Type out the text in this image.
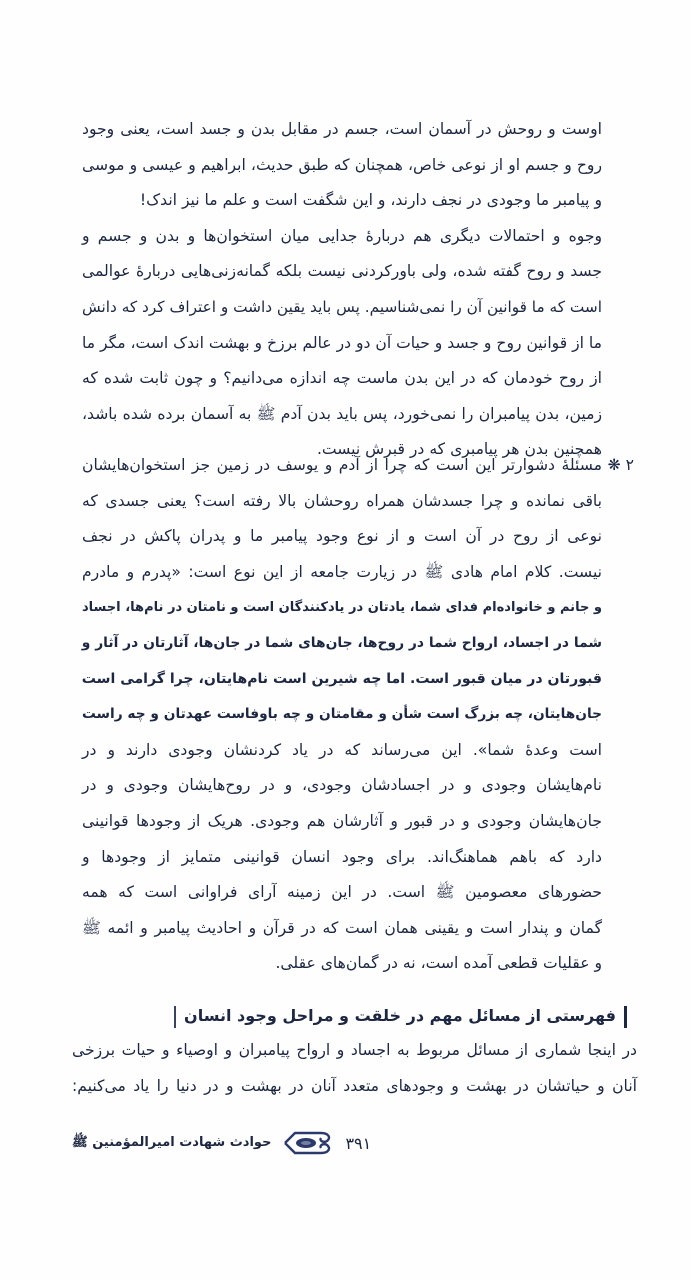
اوست و روحش در آسمان است، جسم در مقابل بدن و جسد است، یعنی وجود
روح و جسم او از نوعی خاص، همچنان که طبق حدیث، ابراهیم و عیسی و موسی
و پیامبر ما وجودی در نجف دارند، و این شگفت است و علم ما نیز اندک!
وجوه و احتمالات دیگری هم دربارهٔ جدایی میان استخوان‌ها و بدن و جسم و
جسد و روح گفته شده، ولی باورکردنی نیست بلکه گمانه‌زنی‌هایی دربارهٔ عوالمی
است که ما قوانین آن را نمی‌شناسیم. پس باید یقین داشت و اعتراف کرد که دانش
ما از قوانین روح و جسد و حیات آن دو در عالم برزخ و بهشت اندک است، مگر ما
از روح خودمان که در این بدن ماست چه اندازه می‌دانیم؟ و چون ثابت شده که
زمین، بدن پیامبران را نمی‌خورد، پس باید بدن آدم ﷺ به آسمان برده شده باشد،
همچنین بدن هر پیامبری که در قبرش نیست.
۲ ❋
مسئلهٔ دشوارتر این است که چرا از آدم و یوسف در زمین جز استخوان‌هایشان
باقی نمانده و چرا جسدشان همراه روحشان بالا رفته است؟ یعنی جسدی که
نوعی از روح در آن است و از نوع وجود پیامبر ما و پدران پاکش در نجف
نیست. کلام امام هادی ﷺ در زیارت جامعه از این نوع است: «پدرم و مادرم
و جانم و خانواده‌ام فدای شما، یادتان در یادکنندگان است و نامتان در نام‌ها، اجساد
شما در اجساد، ارواح شما در روح‌ها، جان‌های شما در جان‌ها، آثارتان در آثار و
قبورتان در میان قبور است. اما چه شیرین است نام‌هایتان، چرا گرامی است
جان‌هایتان، چه بزرگ است شأن و مقامتان و چه باوفاست عهدتان و چه راست
است وعدهٔ شما». این می‌رساند که در یاد کردنشان وجودی دارند و در
نام‌هایشان وجودی و در اجسادشان وجودی، و در روح‌هایشان وجودی و در
جان‌هایشان وجودی و در قبور و آثارشان هم وجودی. هریک از وجودها قوانینی
دارد که باهم هماهنگ‌اند. برای وجود انسان قوانینی متمایز از وجودها و
حضورهای معصومین ﷺ است. در این زمینه آرای فراوانی است که همه
گمان و پندار است و یقینی همان است که در قرآن و احادیث پیامبر و ائمه ﷺ
و عقلیات قطعی آمده است، نه در گمان‌های عقلی.
فهرستی از مسائل مهم در خلقت و مراحل وجود انسان
در اینجا شماری از مسائل مربوط به اجساد و ارواح پیامبران و اوصیاء و حیات برزخی
آنان و حیاتشان در بهشت و وجودهای متعدد آنان در بهشت و در دنیا را یاد می‌کنیم:
حوادث شهادت امیرالمؤمنین ﷺ	۳۹۱
